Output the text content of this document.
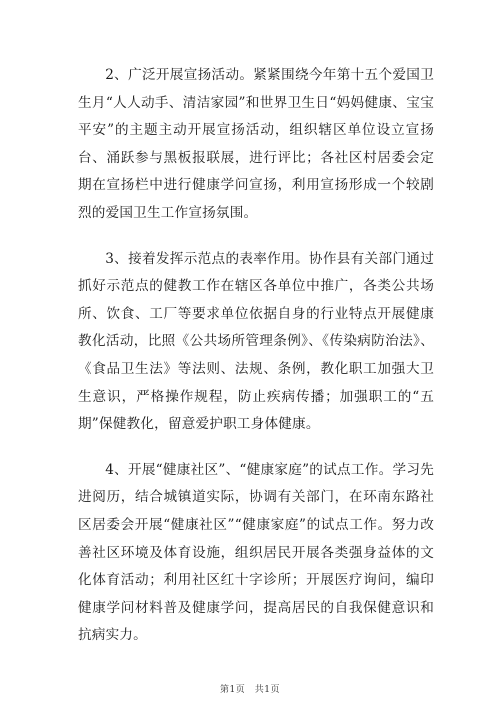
2、广泛开展宣扬活动。紧紧围绕今年第十五个爱国卫生月“人人动手、清洁家园”和世界卫生日“妈妈健康、宝宝平安”的主题主动开展宣扬活动，组织辖区单位设立宣扬台、涌跃参与黑板报联展，进行评比；各社区村居委会定期在宣扬栏中进行健康学问宣扬，利用宣扬形成一个较剧烈的爱国卫生工作宣扬氛围。

3、接着发挥示范点的表率作用。协作县有关部门通过抓好示范点的健教工作在辖区各单位中推广，各类公共场所、饮食、工厂等要求单位依据自身的行业特点开展健康教化活动，比照《公共场所管理条例》、《传染病防治法》、《食品卫生法》等法则、法规、条例，教化职工加强大卫生意识，严格操作规程，防止疾病传播；加强职工的“五期”保健教化，留意爱护职工身体健康。

4、开展“健康社区”、“健康家庭”的试点工作。学习先进阅历，结合城镇道实际，协调有关部门，在环南东路社区居委会开展“健康社区”“健康家庭”的试点工作。努力改善社区环境及体育设施，组织居民开展各类强身益体的文化体育活动；利用社区红十字诊所；开展医疗询问，编印健康学问材料普及健康学问，提高居民的自我保健意识和抗病实力。

第1页　共1页
